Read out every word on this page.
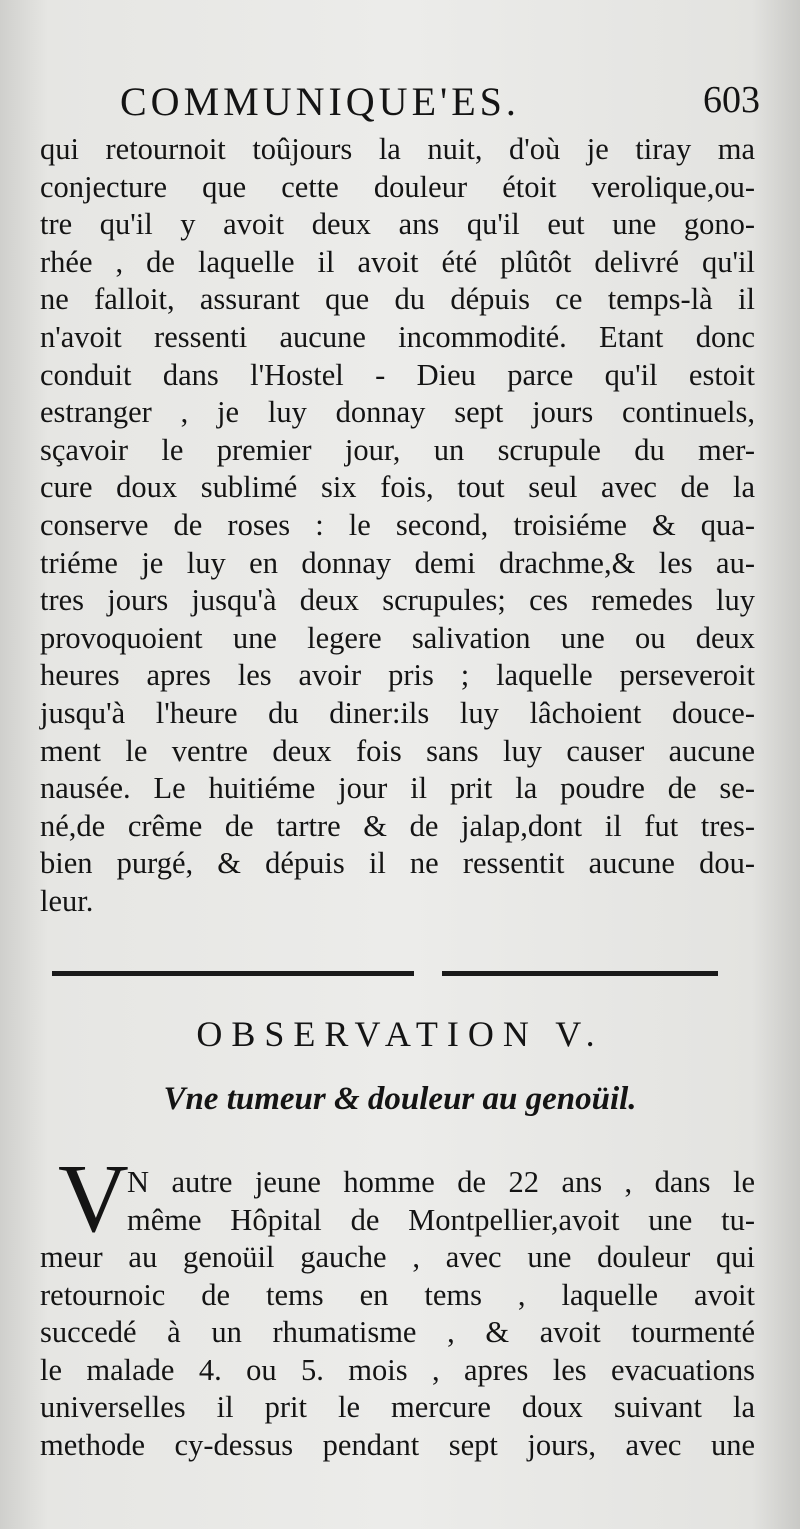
COMMUNIQUE'ES.	603
qui retournoit toûjours la nuit, d'où je tiray ma
conjecture que cette douleur étoit verolique,ou-
tre qu'il y avoit deux ans qu'il eut une gono-
rhée , de laquelle il avoit été plûtôt delivré qu'il
ne falloit, assurant que du dépuis ce temps-là il
n'avoit ressenti aucune incommodité. Etant donc
conduit dans l'Hostel - Dieu parce qu'il estoit
estranger , je luy donnay sept jours continuels,
sçavoir le premier jour, un scrupule du mer-
cure doux sublimé six fois, tout seul avec de la
conserve de roses : le second, troisiéme & qua-
triéme je luy en donnay demi drachme,& les au-
tres jours jusqu'à deux scrupules; ces remedes luy
provoquoient une legere salivation une ou deux
heures apres les avoir pris ; laquelle perseveroit
jusqu'à l'heure du diner:ils luy lâchoient douce-
ment le ventre deux fois sans luy causer aucune
nausée. Le huitiéme jour il prit la poudre de se-
né,de crême de tartre & de jalap,dont il fut tres-
bien purgé, & dépuis il ne ressentit aucune dou-
leur.
OBSERVATION V.
Vne tumeur & douleur au genoüil.
V
N autre jeune homme de 22 ans , dans le
même Hôpital de Montpellier,avoit une tu-
meur au genoüil gauche , avec une douleur qui
retournoic de tems en tems , laquelle avoit
succedé à un rhumatisme , & avoit tourmenté
le malade 4. ou 5. mois , apres les evacuations
universelles il prit le mercure doux suivant la
methode cy-dessus pendant sept jours, avec une
